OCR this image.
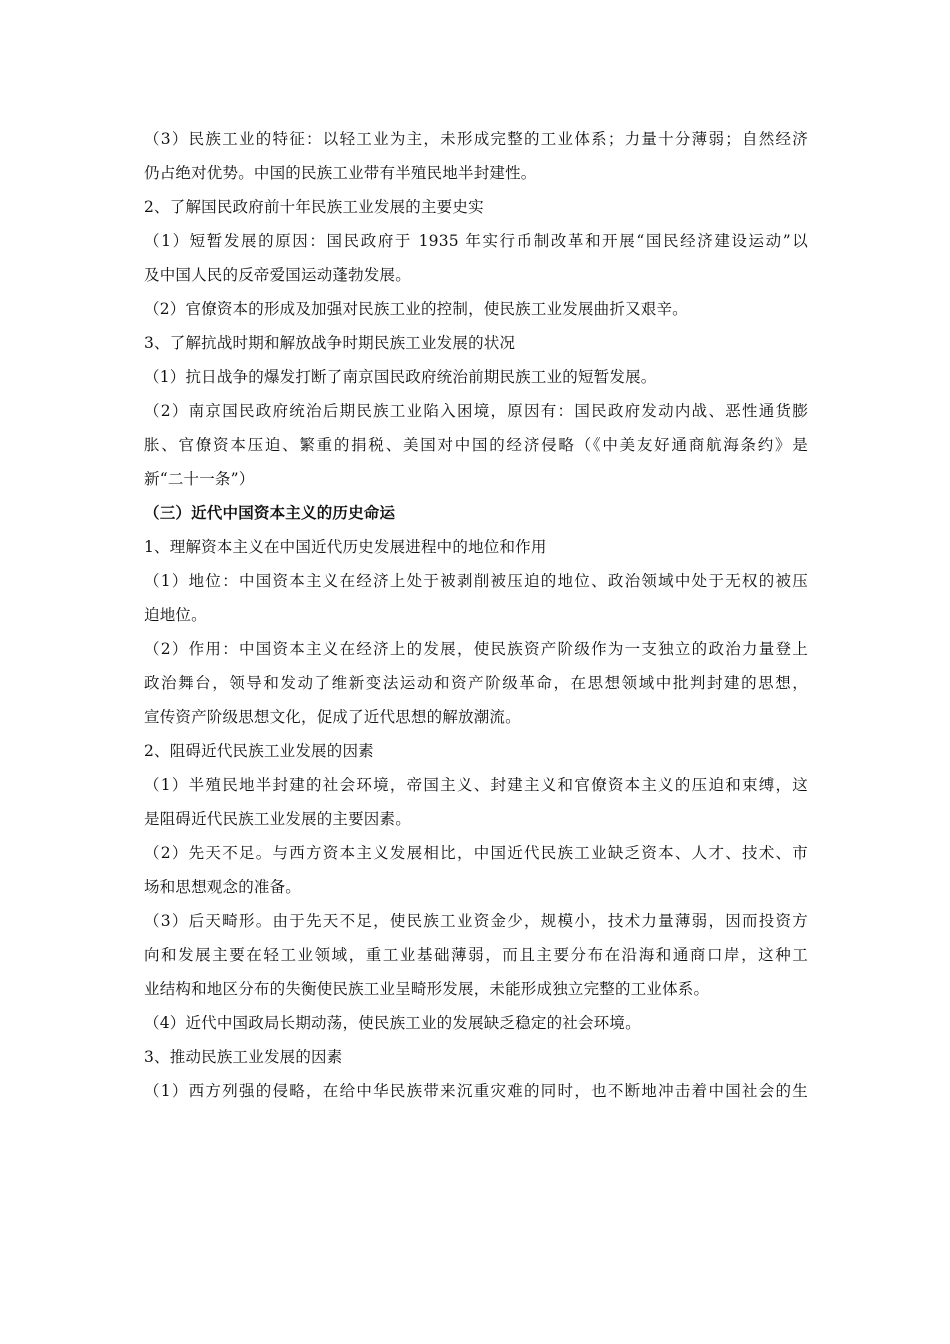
（3）民族工业的特征：以轻工业为主，未形成完整的工业体系；力量十分薄弱；自然经济
仍占绝对优势。中国的民族工业带有半殖民地半封建性。
2、了解国民政府前十年民族工业发展的主要史实
（1）短暂发展的原因：国民政府于 1935 年实行币制改革和开展“国民经济建设运动”以
及中国人民的反帝爱国运动蓬勃发展。
（2）官僚资本的形成及加强对民族工业的控制，使民族工业发展曲折又艰辛。
3、了解抗战时期和解放战争时期民族工业发展的状况
（1）抗日战争的爆发打断了南京国民政府统治前期民族工业的短暂发展。
（2）南京国民政府统治后期民族工业陷入困境，原因有：国民政府发动内战、恶性通货膨
胀、官僚资本压迫、繁重的捐税、美国对中国的经济侵略（《中美友好通商航海条约》是
新“二十一条”）
（三）近代中国资本主义的历史命运
1、理解资本主义在中国近代历史发展进程中的地位和作用
（1）地位：中国资本主义在经济上处于被剥削被压迫的地位、政治领域中处于无权的被压
迫地位。
（2）作用：中国资本主义在经济上的发展，使民族资产阶级作为一支独立的政治力量登上
政治舞台，领导和发动了维新变法运动和资产阶级革命，在思想领域中批判封建的思想，
宣传资产阶级思想文化，促成了近代思想的解放潮流。
2、阻碍近代民族工业发展的因素
（1）半殖民地半封建的社会环境，帝国主义、封建主义和官僚资本主义的压迫和束缚，这
是阻碍近代民族工业发展的主要因素。
（2）先天不足。与西方资本主义发展相比，中国近代民族工业缺乏资本、人才、技术、市
场和思想观念的准备。
（3）后天畸形。由于先天不足，使民族工业资金少，规模小，技术力量薄弱，因而投资方
向和发展主要在轻工业领域，重工业基础薄弱，而且主要分布在沿海和通商口岸，这种工
业结构和地区分布的失衡使民族工业呈畸形发展，未能形成独立完整的工业体系。
（4）近代中国政局长期动荡，使民族工业的发展缺乏稳定的社会环境。
3、推动民族工业发展的因素
（1）西方列强的侵略，在给中华民族带来沉重灾难的同时，也不断地冲击着中国社会的生
